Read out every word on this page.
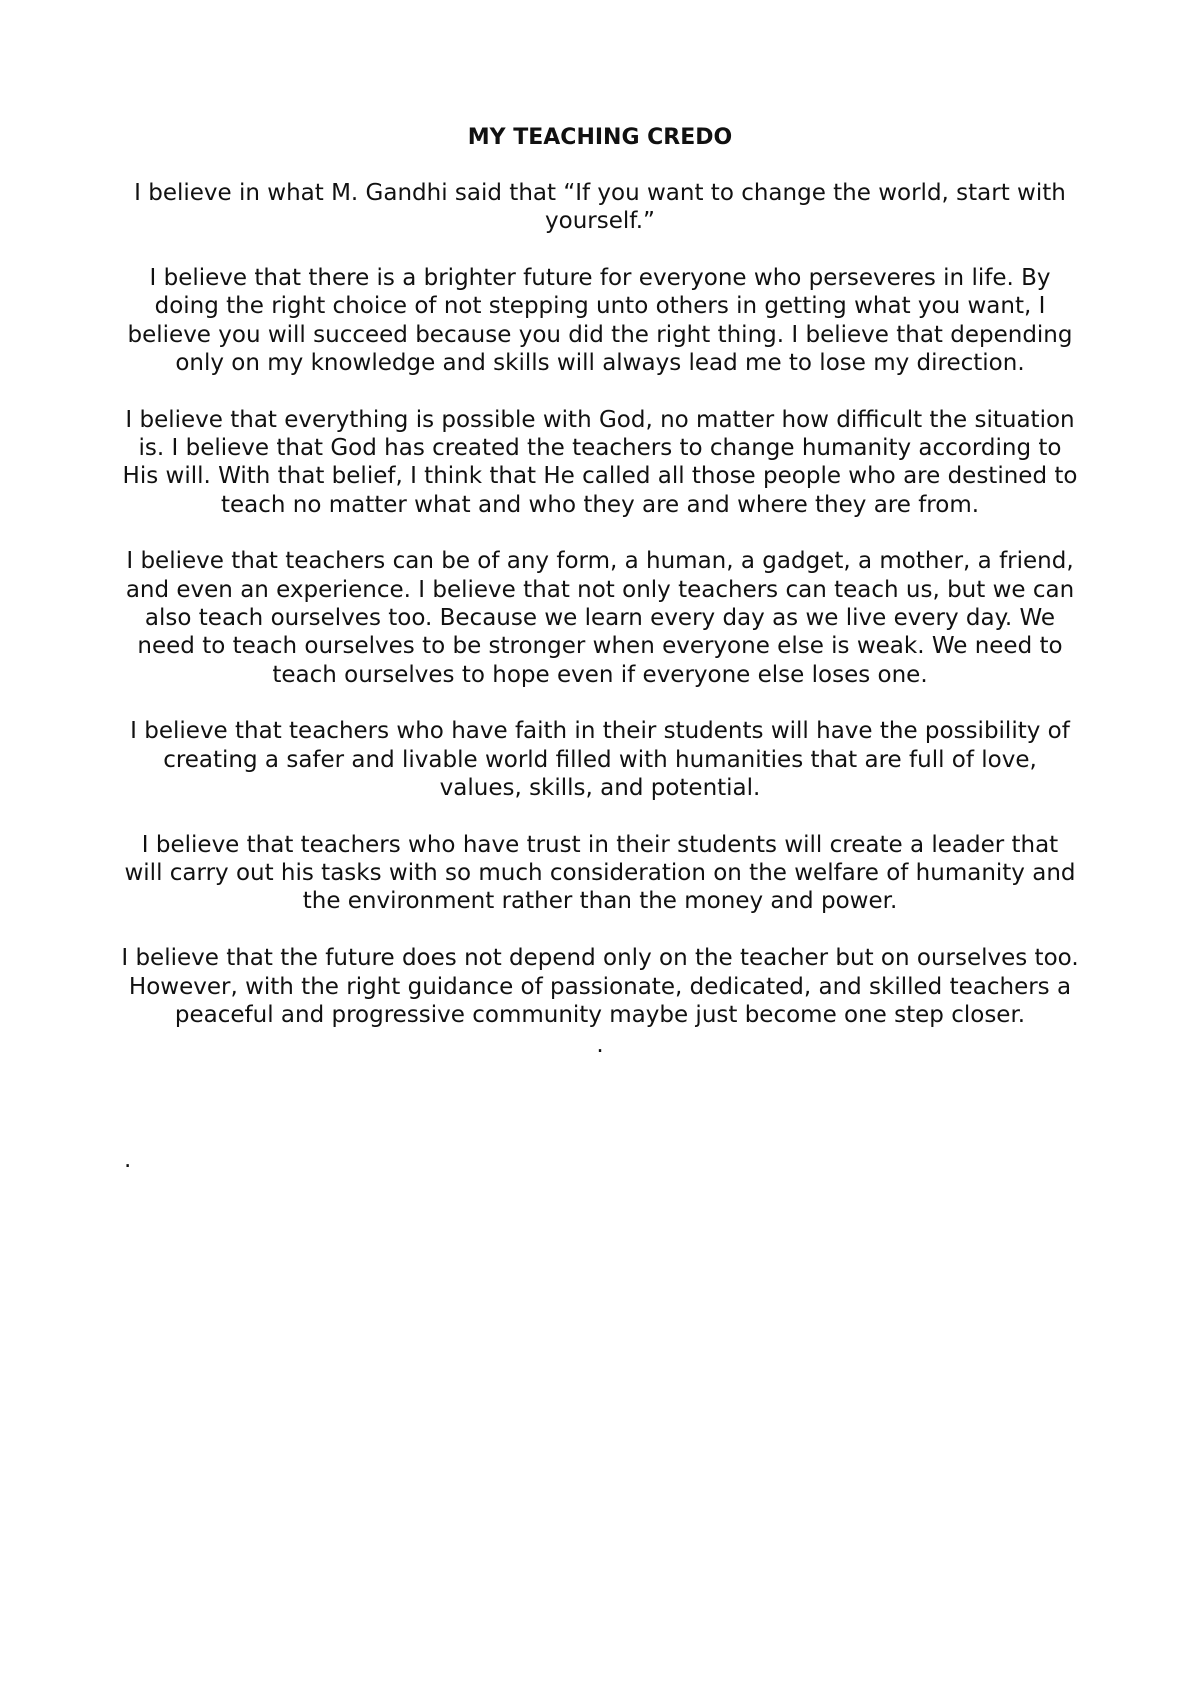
MY TEACHING CREDO

I believe in what M. Gandhi said that “If you want to change the world, start with yourself.”

I believe that there is a brighter future for everyone who perseveres in life. By doing the right choice of not stepping unto others in getting what you want, I believe you will succeed because you did the right thing. I believe that depending only on my knowledge and skills will always lead me to lose my direction.

I believe that everything is possible with God, no matter how difficult the situation is. I believe that God has created the teachers to change humanity according to His will. With that belief, I think that He called all those people who are destined to teach no matter what and who they are and where they are from.

I believe that teachers can be of any form, a human, a gadget, a mother, a friend, and even an experience. I believe that not only teachers can teach us, but we can also teach ourselves too. Because we learn every day as we live every day. We need to teach ourselves to be stronger when everyone else is weak. We need to teach ourselves to hope even if everyone else loses one.

I believe that teachers who have faith in their students will have the possibility of creating a safer and livable world filled with humanities that are full of love, values, skills, and potential.

I believe that teachers who have trust in their students will create a leader that will carry out his tasks with so much consideration on the welfare of humanity and the environment rather than the money and power.

I believe that the future does not depend only on the teacher but on ourselves too. However, with the right guidance of passionate, dedicated, and skilled teachers a peaceful and progressive community maybe just become one step closer.

.

.
